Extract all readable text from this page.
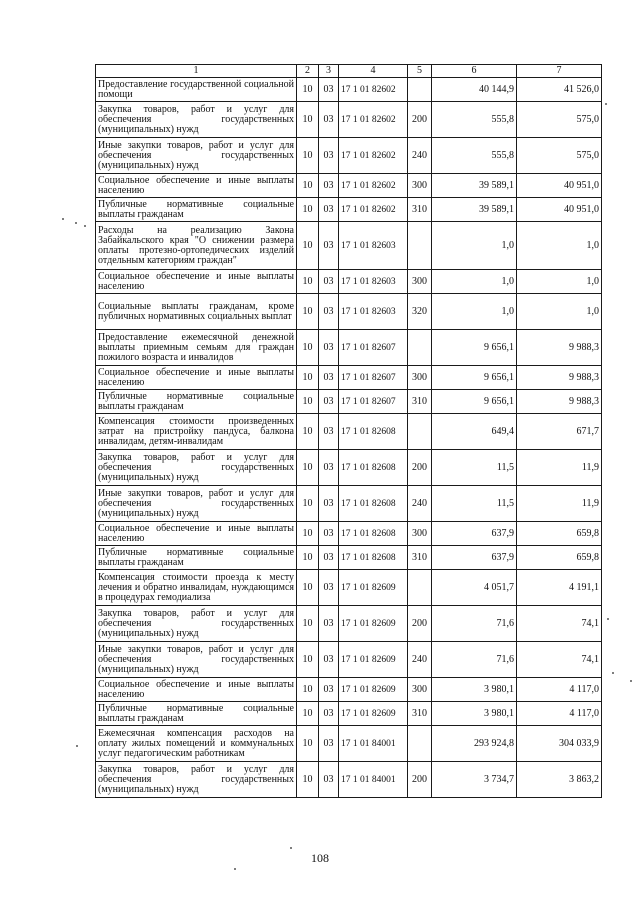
1	2	3	4	5	6	7
Предоставление государственной социальной помощи	10	03	17 1 01 82602		40 144,9	41 526,0
Закупка товаров, работ и услуг для обеспечения государственных (муниципальных) нужд	10	03	17 1 01 82602	200	555,8	575,0
Иные закупки товаров, работ и услуг для обеспечения государственных (муниципальных) нужд	10	03	17 1 01 82602	240	555,8	575,0
Социальное обеспечение и иные выплаты населению	10	03	17 1 01 82602	300	39 589,1	40 951,0
Публичные нормативные социальные выплаты гражданам	10	03	17 1 01 82602	310	39 589,1	40 951,0
Расходы на реализацию Закона Забайкальского края "О снижении размера оплаты протезно-ортопедических изделий отдельным категориям граждан"	10	03	17 1 01 82603		1,0	1,0
Социальное обеспечение и иные выплаты населению	10	03	17 1 01 82603	300	1,0	1,0
Социальные выплаты гражданам, кроме публичных нормативных социальных выплат	10	03	17 1 01 82603	320	1,0	1,0
Предоставление ежемесячной денежной выплаты приемным семьям для граждан пожилого возраста и инвалидов	10	03	17 1 01 82607		9 656,1	9 988,3
Социальное обеспечение и иные выплаты населению	10	03	17 1 01 82607	300	9 656,1	9 988,3
Публичные нормативные социальные выплаты гражданам	10	03	17 1 01 82607	310	9 656,1	9 988,3
Компенсация стоимости произведенных затрат на пристройку пандуса, балкона инвалидам, детям-инвалидам	10	03	17 1 01 82608		649,4	671,7
Закупка товаров, работ и услуг для обеспечения государственных (муниципальных) нужд	10	03	17 1 01 82608	200	11,5	11,9
Иные закупки товаров, работ и услуг для обеспечения государственных (муниципальных) нужд	10	03	17 1 01 82608	240	11,5	11,9
Социальное обеспечение и иные выплаты населению	10	03	17 1 01 82608	300	637,9	659,8
Публичные нормативные социальные выплаты гражданам	10	03	17 1 01 82608	310	637,9	659,8
Компенсация стоимости проезда к месту лечения и обратно инвалидам, нуждающимся в процедурах гемодиализа	10	03	17 1 01 82609		4 051,7	4 191,1
Закупка товаров, работ и услуг для обеспечения государственных (муниципальных) нужд	10	03	17 1 01 82609	200	71,6	74,1
Иные закупки товаров, работ и услуг для обеспечения государственных (муниципальных) нужд	10	03	17 1 01 82609	240	71,6	74,1
Социальное обеспечение и иные выплаты населению	10	03	17 1 01 82609	300	3 980,1	4 117,0
Публичные нормативные социальные выплаты гражданам	10	03	17 1 01 82609	310	3 980,1	4 117,0
Ежемесячная компенсация расходов на оплату жилых помещений и коммунальных услуг педагогическим работникам	10	03	17 1 01 84001		293 924,8	304 033,9
Закупка товаров, работ и услуг для обеспечения государственных (муниципальных) нужд	10	03	17 1 01 84001	200	3 734,7	3 863,2
108
